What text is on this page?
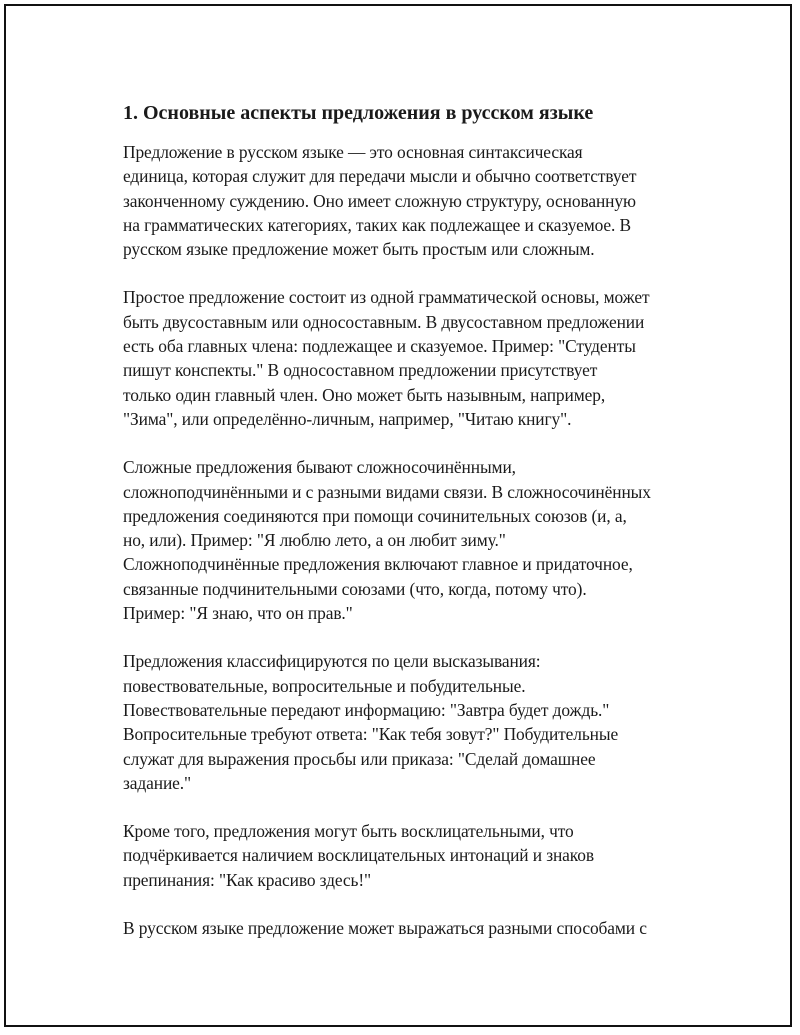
1. Основные аспекты предложения в русском языке

Предложение в русском языке — это основная синтаксическая
единица, которая служит для передачи мысли и обычно соответствует
законченному суждению. Оно имеет сложную структуру, основанную
на грамматических категориях, таких как подлежащее и сказуемое. В
русском языке предложение может быть простым или сложным.

Простое предложение состоит из одной грамматической основы, может
быть двусоставным или односоставным. В двусоставном предложении
есть оба главных члена: подлежащее и сказуемое. Пример: "Студенты
пишут конспекты." В односоставном предложении присутствует
только один главный член. Оно может быть назывным, например,
"Зима", или определённо-личным, например, "Читаю книгу".

Сложные предложения бывают сложносочинёнными,
сложноподчинёнными и с разными видами связи. В сложносочинённых
предложения соединяются при помощи сочинительных союзов (и, а,
но, или). Пример: "Я люблю лето, а он любит зиму."
Сложноподчинённые предложения включают главное и придаточное,
связанные подчинительными союзами (что, когда, потому что).
Пример: "Я знаю, что он прав."

Предложения классифицируются по цели высказывания:
повествовательные, вопросительные и побудительные.
Повествовательные передают информацию: "Завтра будет дождь."
Вопросительные требуют ответа: "Как тебя зовут?" Побудительные
служат для выражения просьбы или приказа: "Сделай домашнее
задание."

Кроме того, предложения могут быть восклицательными, что
подчёркивается наличием восклицательных интонаций и знаков
препинания: "Как красиво здесь!"

В русском языке предложение может выражаться разными способами с
